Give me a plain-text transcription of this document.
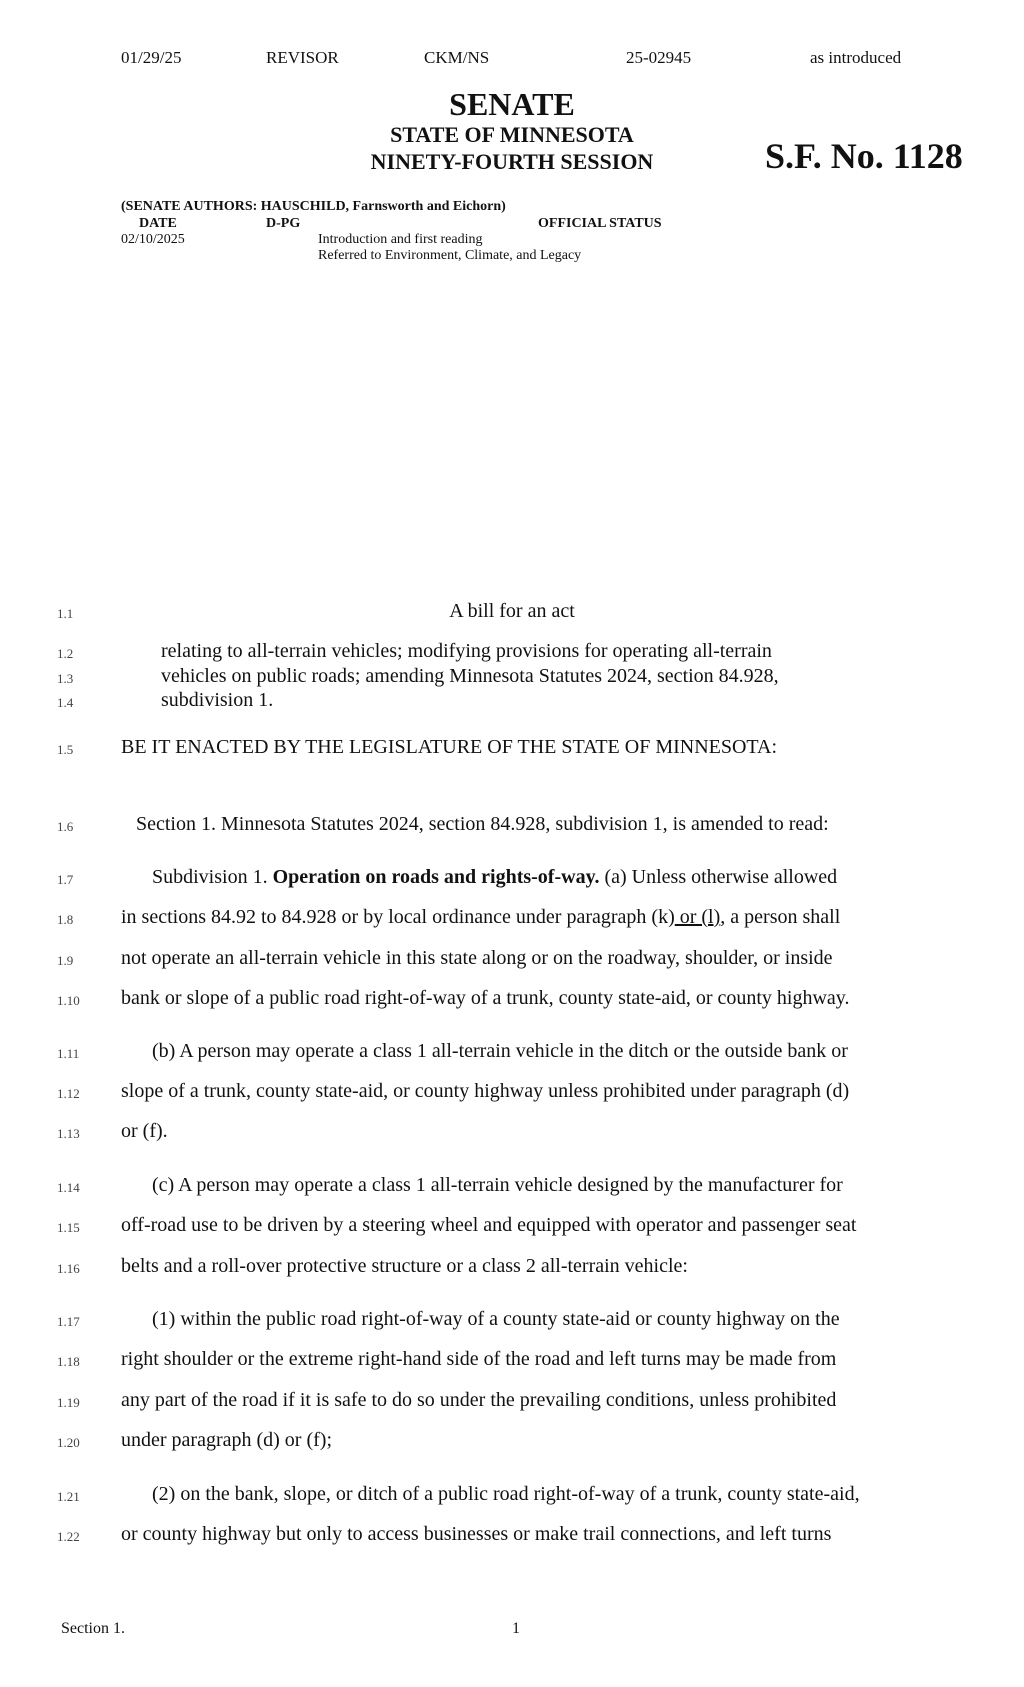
01/29/25	REVISOR	CKM/NS	25-02945	as introduced
SENATE
STATE OF MINNESOTA
NINETY-FOURTH SESSION	S.F. No. 1128
(SENATE AUTHORS: HAUSCHILD, Farnsworth and Eichorn)
DATE	D-PG	OFFICIAL STATUS
02/10/2025	Introduction and first reading
Referred to Environment, Climate, and Legacy
1.1	A bill for an act
1.2	relating to all-terrain vehicles; modifying provisions for operating all-terrain
1.3	vehicles on public roads; amending Minnesota Statutes 2024, section 84.928,
1.4	subdivision 1.
1.5 BE IT ENACTED BY THE LEGISLATURE OF THE STATE OF MINNESOTA:
1.6	Section 1. Minnesota Statutes 2024, section 84.928, subdivision 1, is amended to read:
1.7	Subdivision 1. Operation on roads and rights-of-way. (a) Unless otherwise allowed
1.8 in sections 84.92 to 84.928 or by local ordinance under paragraph (k) or (l), a person shall
1.9 not operate an all-terrain vehicle in this state along or on the roadway, shoulder, or inside
1.10 bank or slope of a public road right-of-way of a trunk, county state-aid, or county highway.
1.11	(b) A person may operate a class 1 all-terrain vehicle in the ditch or the outside bank or
1.12 slope of a trunk, county state-aid, or county highway unless prohibited under paragraph (d)
1.13 or (f).
1.14	(c) A person may operate a class 1 all-terrain vehicle designed by the manufacturer for
1.15 off-road use to be driven by a steering wheel and equipped with operator and passenger seat
1.16 belts and a roll-over protective structure or a class 2 all-terrain vehicle:
1.17	(1) within the public road right-of-way of a county state-aid or county highway on the
1.18 right shoulder or the extreme right-hand side of the road and left turns may be made from
1.19 any part of the road if it is safe to do so under the prevailing conditions, unless prohibited
1.20 under paragraph (d) or (f);
1.21	(2) on the bank, slope, or ditch of a public road right-of-way of a trunk, county state-aid,
1.22 or county highway but only to access businesses or make trail connections, and left turns
Section 1.	1
